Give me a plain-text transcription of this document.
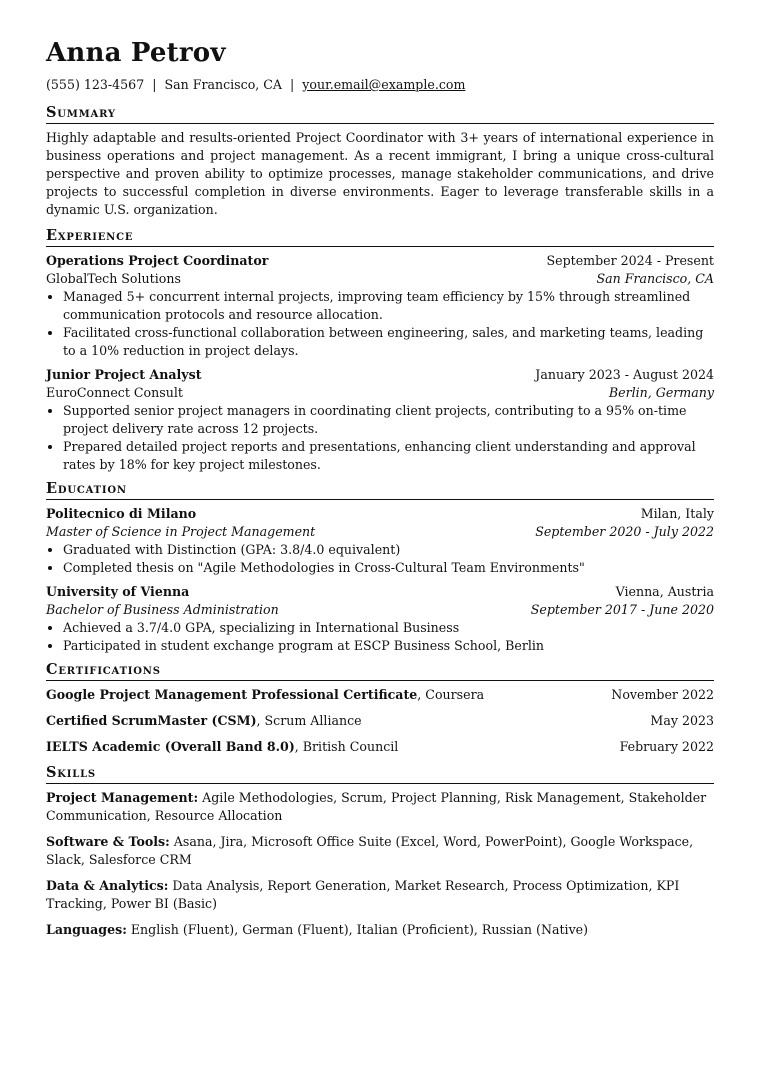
Anna Petrov
(555) 123-4567 | San Francisco, CA | your.email@example.com
Summary
Highly adaptable and results-oriented Project Coordinator with 3+ years of international experience in business operations and project management. As a recent immigrant, I bring a unique cross-cultural perspective and proven ability to optimize processes, manage stakeholder communications, and drive projects to successful completion in diverse environments. Eager to leverage transferable skills in a dynamic U.S. organization.
Experience
Operations Project Coordinator	September 2024 - Present
GlobalTech Solutions	San Francisco, CA
• Managed 5+ concurrent internal projects, improving team efficiency by 15% through streamlined communication protocols and resource allocation.
• Facilitated cross-functional collaboration between engineering, sales, and marketing teams, leading to a 10% reduction in project delays.
Junior Project Analyst	January 2023 - August 2024
EuroConnect Consult	Berlin, Germany
• Supported senior project managers in coordinating client projects, contributing to a 95% on-time project delivery rate across 12 projects.
• Prepared detailed project reports and presentations, enhancing client understanding and approval rates by 18% for key project milestones.
Education
Politecnico di Milano	Milan, Italy
Master of Science in Project Management	September 2020 - July 2022
• Graduated with Distinction (GPA: 3.8/4.0 equivalent)
• Completed thesis on "Agile Methodologies in Cross-Cultural Team Environments"
University of Vienna	Vienna, Austria
Bachelor of Business Administration	September 2017 - June 2020
• Achieved a 3.7/4.0 GPA, specializing in International Business
• Participated in student exchange program at ESCP Business School, Berlin
Certifications
Google Project Management Professional Certificate, Coursera	November 2022
Certified ScrumMaster (CSM), Scrum Alliance	May 2023
IELTS Academic (Overall Band 8.0), British Council	February 2022
Skills
Project Management: Agile Methodologies, Scrum, Project Planning, Risk Management, Stakeholder Communication, Resource Allocation
Software & Tools: Asana, Jira, Microsoft Office Suite (Excel, Word, PowerPoint), Google Workspace, Slack, Salesforce CRM
Data & Analytics: Data Analysis, Report Generation, Market Research, Process Optimization, KPI Tracking, Power BI (Basic)
Languages: English (Fluent), German (Fluent), Italian (Proficient), Russian (Native)
